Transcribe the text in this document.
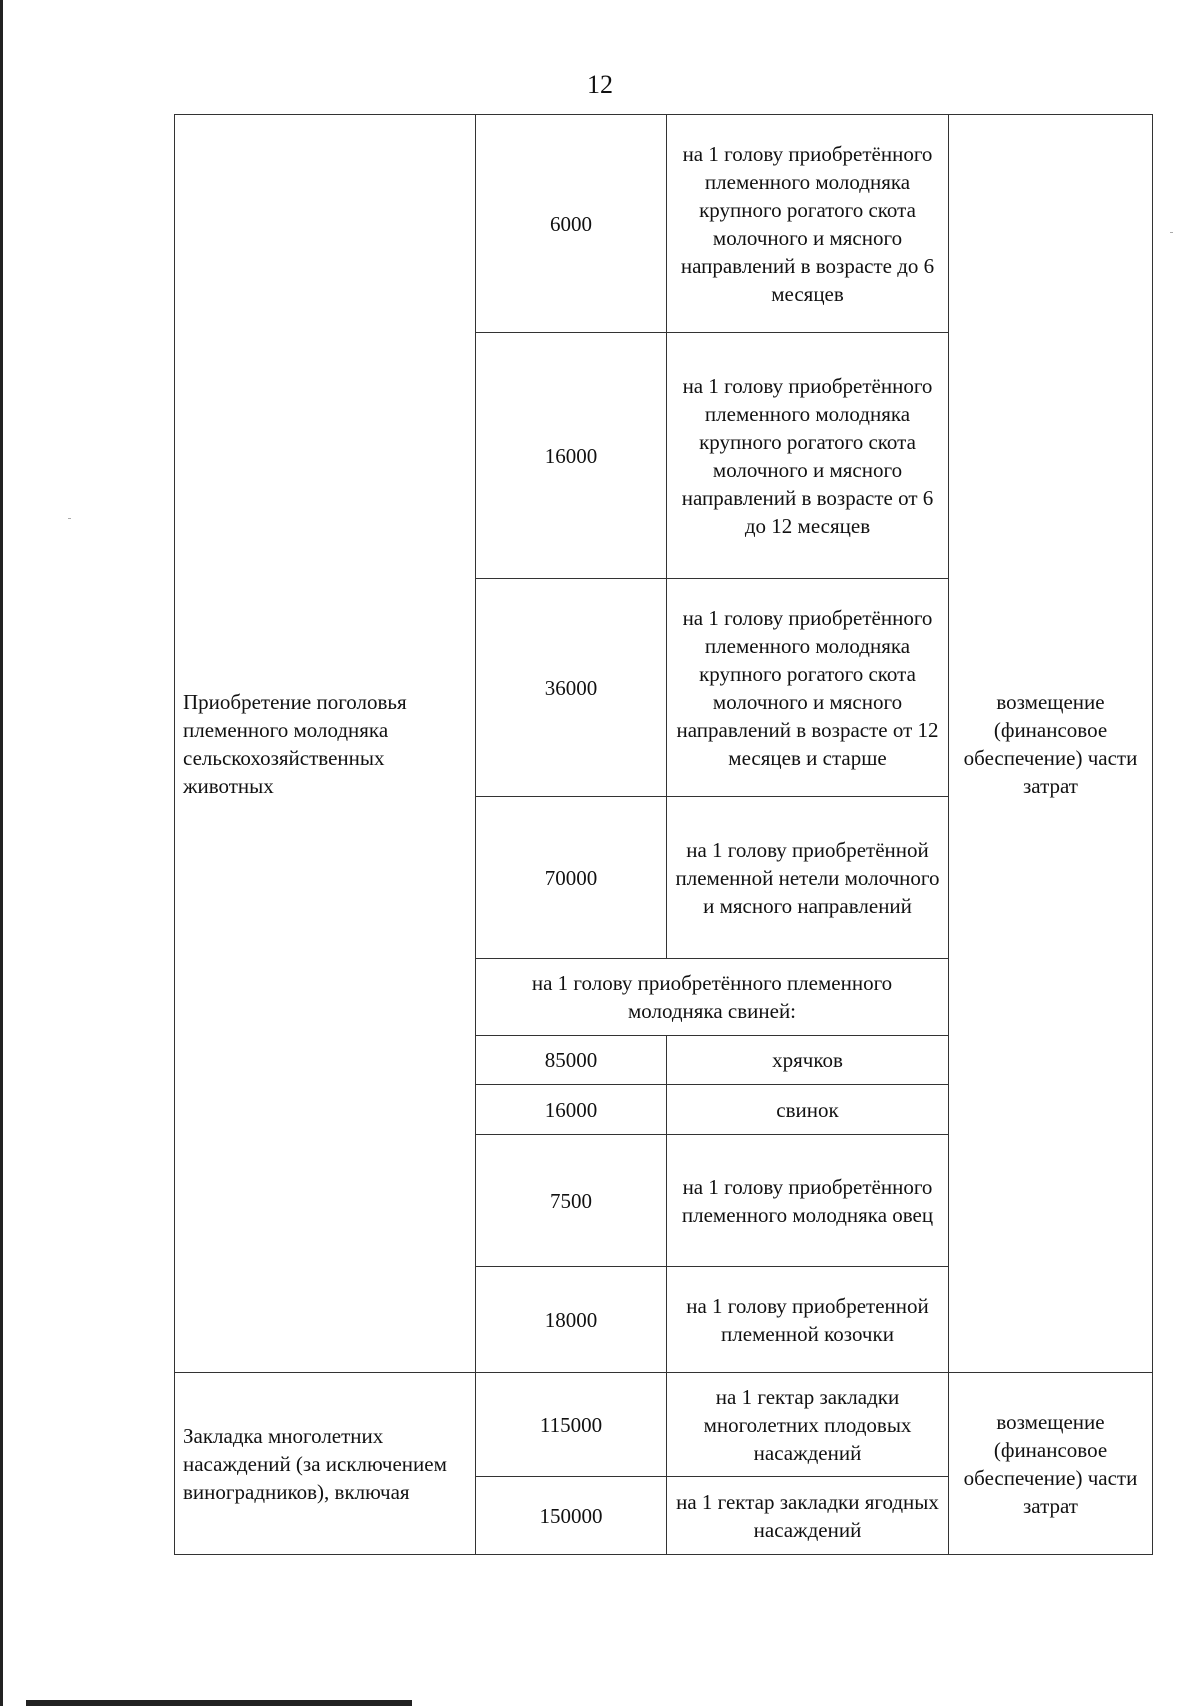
12
Приобретение поголовья племенного молодняка сельскохозяйственных животных	6000	на 1 голову приобретённого племенного молодняка крупного рогатого скота молочного и мясного направлений в возрасте до 6 месяцев	возмещение (финансовое обеспечение) части затрат
	16000	на 1 голову приобретённого племенного молодняка крупного рогатого скота молочного и мясного направлений в возрасте от 6 до 12 месяцев	
	36000	на 1 голову приобретённого племенного молодняка крупного рогатого скота молочного и мясного направлений в возрасте от 12 месяцев и старше	
	70000	на 1 голову приобретённой племенной нетели молочного и мясного направлений	
	на 1 голову приобретённого племенного молодняка свиней:		
	85000	хрячков	
	16000	свинок	
	7500	на 1 голову приобретённого племенного молодняка овец	
	18000	на 1 голову приобретенной племенной козочки	

Закладка многолетних насаждений (за исключением виноградников), включая	115000	на 1 гектар закладки многолетних плодовых насаждений	возмещение (финансовое обеспечение) части затрат
	150000	на 1 гектар закладки ягодных насаждений	
